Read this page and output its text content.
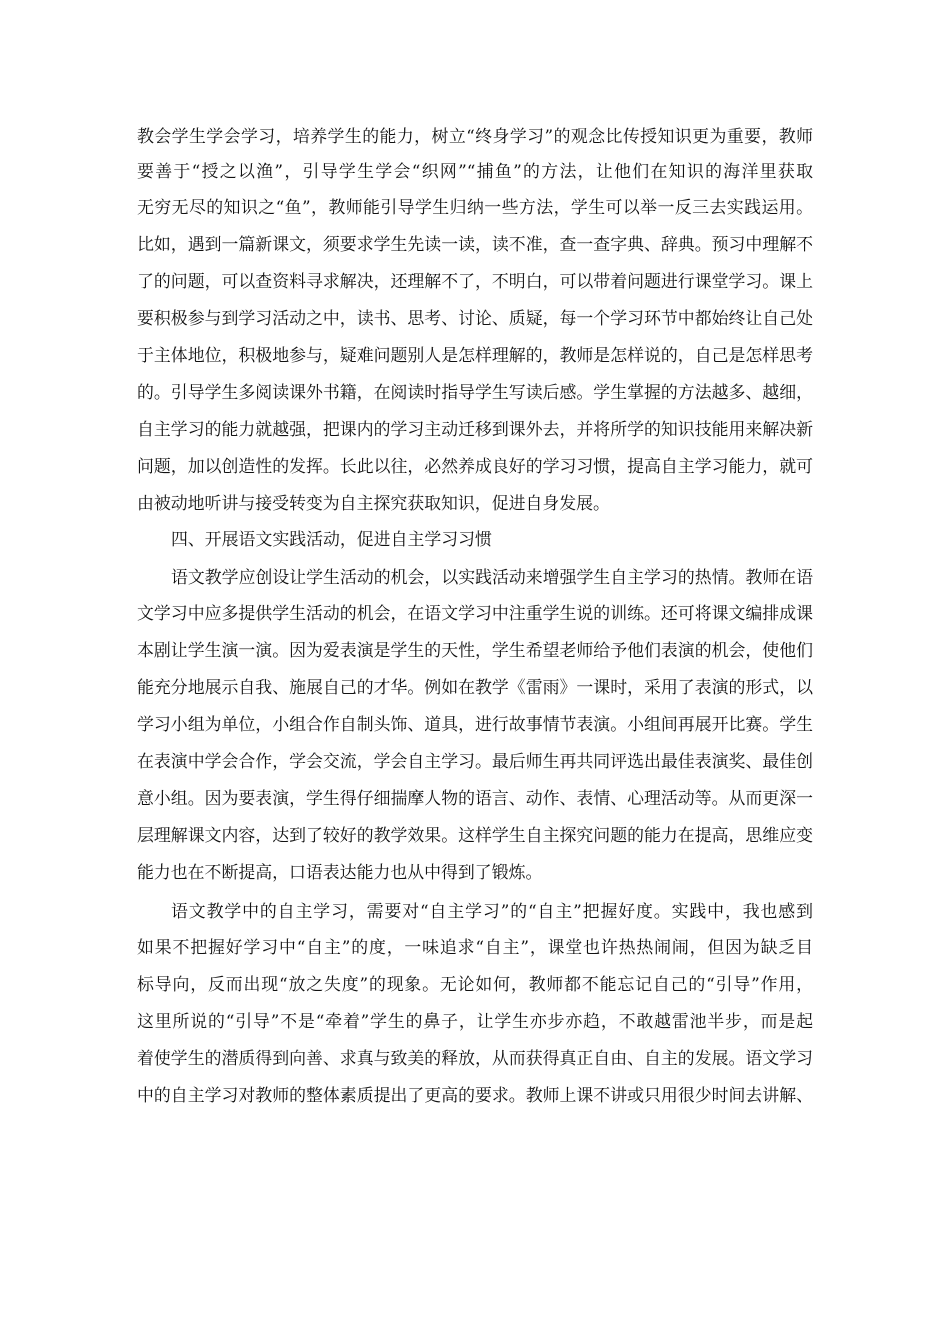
教会学生学会学习，培养学生的能力，树立“终身学习”的观念比传授知识更为重要，教师
要善于“授之以渔”，引导学生学会“织网”“捕鱼”的方法，让他们在知识的海洋里获取
无穷无尽的知识之“鱼”，教师能引导学生归纳一些方法，学生可以举一反三去实践运用。
比如，遇到一篇新课文，须要求学生先读一读，读不准，查一查字典、辞典。预习中理解不
了的问题，可以查资料寻求解决，还理解不了，不明白，可以带着问题进行课堂学习。课上
要积极参与到学习活动之中，读书、思考、讨论、质疑，每一个学习环节中都始终让自己处
于主体地位，积极地参与，疑难问题别人是怎样理解的，教师是怎样说的，自己是怎样思考
的。引导学生多阅读课外书籍，在阅读时指导学生写读后感。学生掌握的方法越多、越细，
自主学习的能力就越强，把课内的学习主动迁移到课外去，并将所学的知识技能用来解决新
问题，加以创造性的发挥。长此以往，必然养成良好的学习习惯，提高自主学习能力，就可
由被动地听讲与接受转变为自主探究获取知识，促进自身发展。
四、开展语文实践活动，促进自主学习习惯
语文教学应创设让学生活动的机会，以实践活动来增强学生自主学习的热情。教师在语
文学习中应多提供学生活动的机会，在语文学习中注重学生说的训练。还可将课文编排成课
本剧让学生演一演。因为爱表演是学生的天性，学生希望老师给予他们表演的机会，使他们
能充分地展示自我、施展自己的才华。例如在教学《雷雨》一课时，采用了表演的形式，以
学习小组为单位，小组合作自制头饰、道具，进行故事情节表演。小组间再展开比赛。学生
在表演中学会合作，学会交流，学会自主学习。最后师生再共同评选出最佳表演奖、最佳创
意小组。因为要表演，学生得仔细揣摩人物的语言、动作、表情、心理活动等。从而更深一
层理解课文内容，达到了较好的教学效果。这样学生自主探究问题的能力在提高，思维应变
能力也在不断提高，口语表达能力也从中得到了锻炼。
语文教学中的自主学习，需要对“自主学习”的“自主”把握好度。实践中，我也感到
如果不把握好学习中“自主”的度，一味追求“自主”，课堂也许热热闹闹，但因为缺乏目
标导向，反而出现“放之失度”的现象。无论如何，教师都不能忘记自己的“引导”作用，
这里所说的“引导”不是“牵着”学生的鼻子，让学生亦步亦趋，不敢越雷池半步，而是起
着使学生的潜质得到向善、求真与致美的释放，从而获得真正自由、自主的发展。语文学习
中的自主学习对教师的整体素质提出了更高的要求。教师上课不讲或只用很少时间去讲解、
